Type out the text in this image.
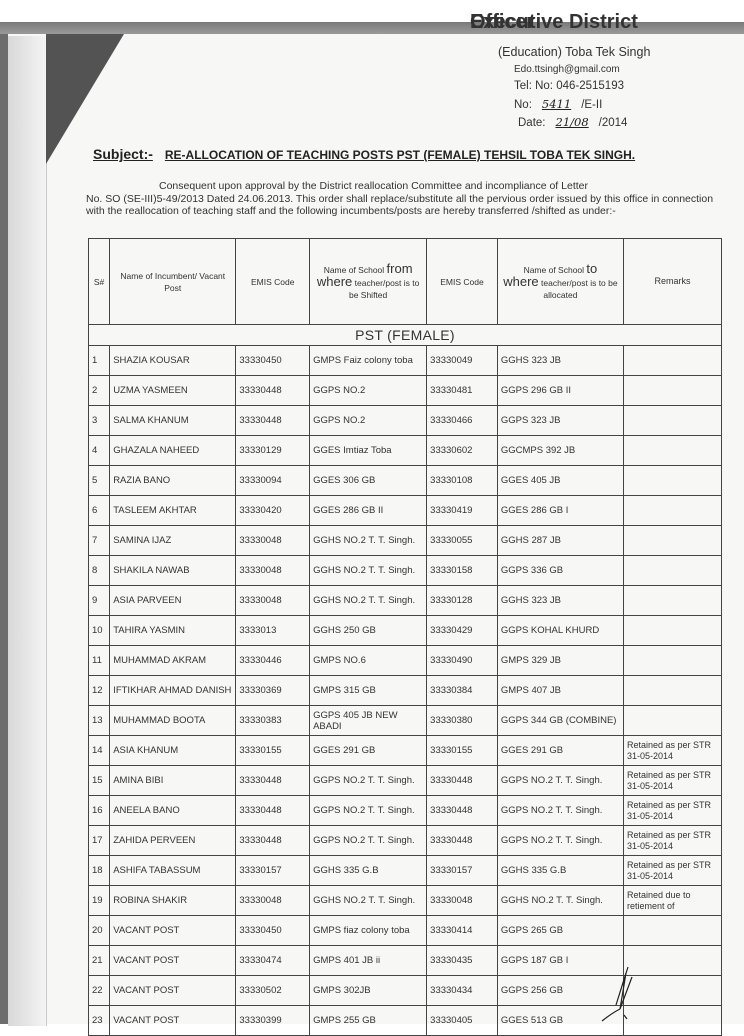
Executive District Officer
(Education) Toba Tek Singh
Edo.ttsingh@gmail.com
Tel: No: 046-2515193
No: 5411 /E-II
Date: 21/08 /2014
Subject:- RE-ALLOCATION OF TEACHING POSTS PST (FEMALE) TEHSIL TOBA TEK SINGH.
Consequent upon approval by the District reallocation Committee and incompliance of Letter
No. SO (SE-III)5-49/2013 Dated 24.06.2013. This order shall replace/substitute all the pervious order issued by this office in connection with the reallocation of teaching staff and the following incumbents/posts are hereby transferred /shifted as under:-
S#	Name of Incumbent/ Vacant Post	EMIS Code	Name of School from
where teacher/post is to be Shifted	EMIS Code	Name of School to
where teacher/post is to be allocated	Remarks
PST (FEMALE)						
1	SHAZIA KOUSAR	33330450	GMPS Faiz colony toba	33330049	GGHS 323 JB	
2	UZMA YASMEEN	33330448	GGPS NO.2	33330481	GGPS 296 GB II	
3	SALMA KHANUM	33330448	GGPS NO.2	33330466	GGPS 323 JB	
4	GHAZALA NAHEED	33330129	GGES Imtiaz Toba	33330602	GGCMPS 392 JB	
5	RAZIA BANO	33330094	GGES 306 GB	33330108	GGES 405 JB	
6	TASLEEM AKHTAR	33330420	GGES 286 GB II	33330419	GGES 286 GB I	
7	SAMINA IJAZ	33330048	GGHS NO.2 T. T. Singh.	33330055	GGHS 287 JB	
8	SHAKILA NAWAB	33330048	GGHS NO.2 T. T. Singh.	33330158	GGPS 336 GB	
9	ASIA PARVEEN	33330048	GGHS NO.2 T. T. Singh.	33330128	GGHS 323 JB	
10	TAHIRA YASMIN	3333013	GGHS 250 GB	33330429	GGPS KOHAL KHURD	
11	MUHAMMAD AKRAM	33330446	GMPS NO.6	33330490	GMPS 329 JB	
12	IFTIKHAR AHMAD DANISH	33330369	GMPS 315 GB	33330384	GMPS 407 JB	
13	MUHAMMAD BOOTA	33330383	GGPS 405 JB NEW ABADI	33330380	GGPS 344 GB (COMBINE)	
14	ASIA KHANUM	33330155	GGES 291 GB	33330155	GGES 291 GB	Retained as per STR 31-05-2014
15	AMINA BIBI	33330448	GGPS NO.2 T. T. Singh.	33330448	GGPS NO.2 T. T. Singh.	Retained as per STR 31-05-2014
16	ANEELA BANO	33330448	GGPS NO.2 T. T. Singh.	33330448	GGPS NO.2 T. T. Singh.	Retained as per STR 31-05-2014
17	ZAHIDA PERVEEN	33330448	GGPS NO.2 T. T. Singh.	33330448	GGPS NO.2 T. T. Singh.	Retained as per STR 31-05-2014
18	ASHIFA TABASSUM	33330157	GGHS 335 G.B	33330157	GGHS 335 G.B	Retained as per STR 31-05-2014
19	ROBINA SHAKIR	33330048	GGHS NO.2 T. T. Singh.	33330048	GGHS NO.2 T. T. Singh.	Retained due to retiement of
20	VACANT POST	33330450	GMPS fiaz colony toba	33330414	GGPS 265 GB	
21	VACANT POST	33330474	GMPS 401 JB ii	33330435	GGPS 187 GB I	
22	VACANT POST	33330502	GMPS 302JB	33330434	GGPS 256 GB	
23	VACANT POST	33330399	GMPS 255 GB	33330405	GGES 513 GB	
